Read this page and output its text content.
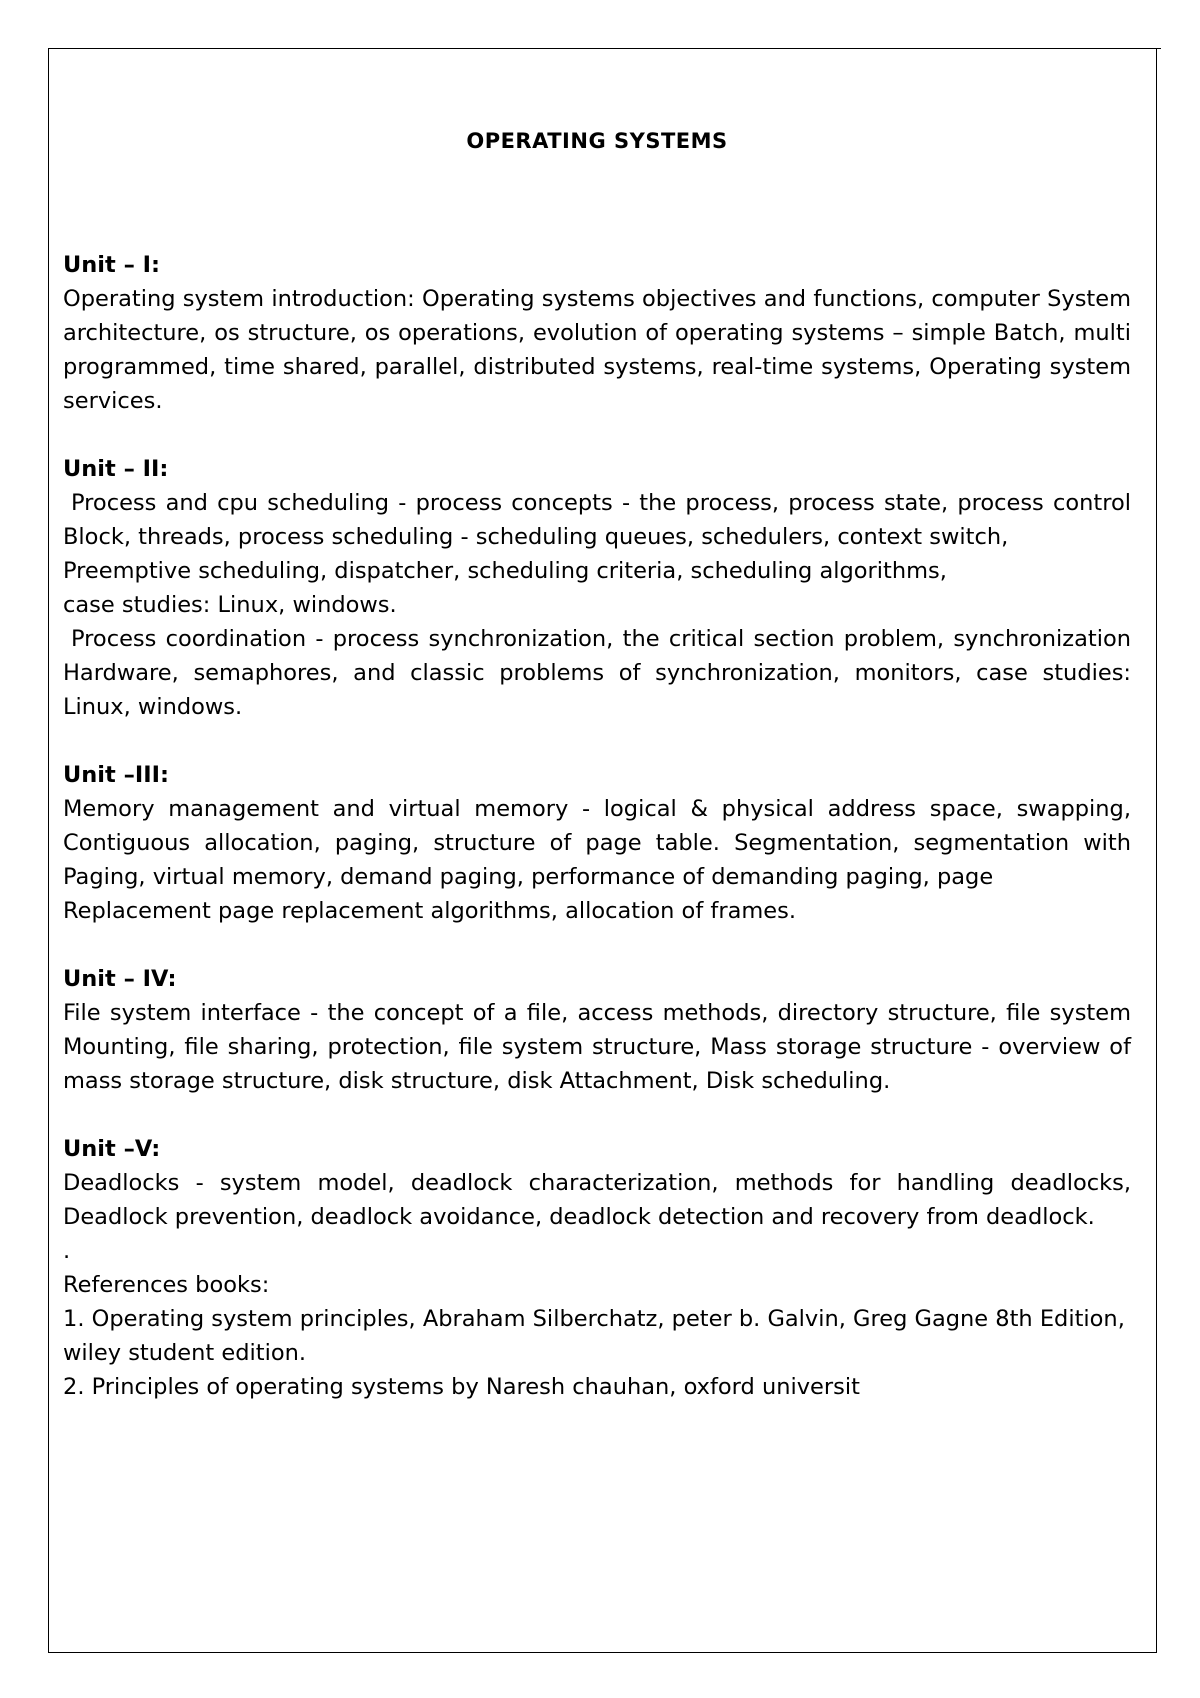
OPERATING SYSTEMS
Unit – I:
Operating system introduction: Operating systems objectives and functions, computer System architecture, os structure, os operations, evolution of operating systems – simple Batch, multi programmed, time shared, parallel, distributed systems, real-time systems, Operating system services.
Unit – II:
Process and cpu scheduling - process concepts - the process, process state, process control Block, threads, process scheduling - scheduling queues, schedulers, context switch,
Preemptive scheduling, dispatcher, scheduling criteria, scheduling algorithms,
case studies: Linux, windows.
Process coordination - process synchronization, the critical section problem, synchronization Hardware, semaphores, and classic problems of synchronization, monitors, case studies: Linux, windows.
Unit –III:
Memory management and virtual memory - logical & physical address space, swapping, Contiguous allocation, paging, structure of page table. Segmentation, segmentation with Paging, virtual memory, demand paging, performance of demanding paging, page
Replacement page replacement algorithms, allocation of frames.
Unit – IV:
File system interface - the concept of a file, access methods, directory structure, file system Mounting, file sharing, protection, file system structure, Mass storage structure - overview of mass storage structure, disk structure, disk Attachment, Disk scheduling.
Unit –V:
Deadlocks - system model, deadlock characterization, methods for handling deadlocks, Deadlock prevention, deadlock avoidance, deadlock detection and recovery from deadlock.
.
References books:
1. Operating system principles, Abraham Silberchatz, peter b. Galvin, Greg Gagne 8th Edition, wiley student edition.
2. Principles of operating systems by Naresh chauhan, oxford universit
